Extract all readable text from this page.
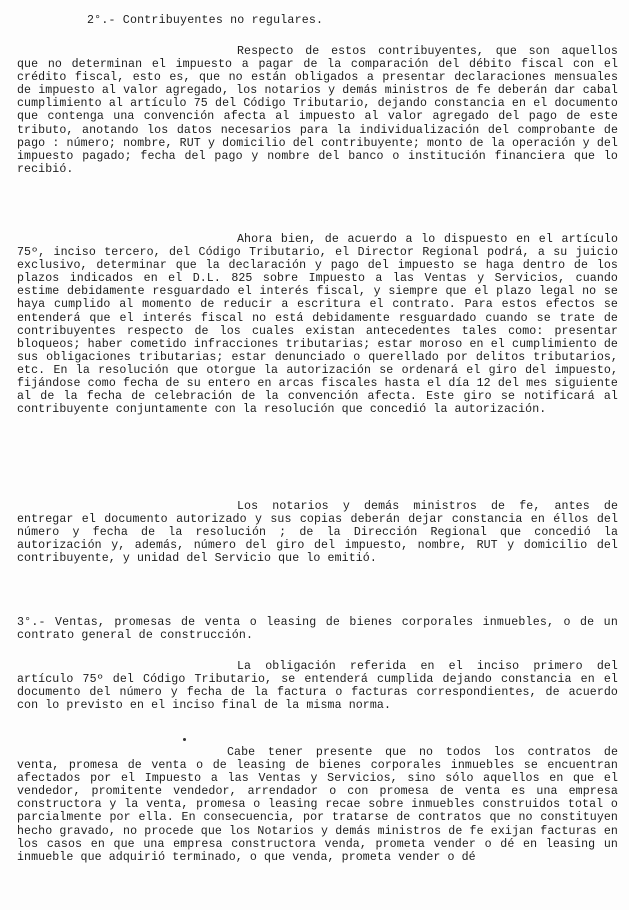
2°.- Contribuyentes no regulares.
Respecto de estos contribuyentes, que son aquellos que no determinan el impuesto a pagar de la comparación del débito fiscal con el crédito fiscal, esto es, que no están obligados a presentar declaraciones mensuales de impuesto al valor agregado, los notarios y demás ministros de fe deberán dar cabal cumplimiento al artículo 75 del Código Tributario, dejando constancia en el documento que contenga una convención afecta al impuesto al valor agregado del pago de este tributo, anotando los datos necesarios para la individualización del comprobante de pago : número; nombre, RUT y domicilio del contribuyente; monto de la operación y del impuesto pagado; fecha del pago y nombre del banco o institución financiera que lo recibió.
Ahora bien, de acuerdo a lo dispuesto en el artículo 75º, inciso tercero, del Código Tributario, el Director Regional podrá, a su juicio exclusivo, determinar que la declaración y pago del impuesto se haga dentro de los plazos indicados en el D.L. 825 sobre Impuesto a las Ventas y Servicios, cuando estime debidamente resguardado el interés fiscal, y siempre que el plazo legal no se haya cumplido al momento de reducir a escritura el contrato. Para estos efectos se entenderá que el interés fiscal no está debidamente resguardado cuando se trate de contribuyentes respecto de los cuales existan antecedentes tales como: presentar bloqueos; haber cometido infracciones tributarias; estar moroso en el cumplimiento de sus obligaciones tributarias; estar denunciado o querellado por delitos tributarios, etc. En la resolución que otorgue la autorización se ordenará el giro del impuesto, fijándose como fecha de su entero en arcas fiscales hasta el día 12 del mes siguiente al de la fecha de celebración de la convención afecta. Este giro se notificará al contribuyente conjuntamente con la resolución que concedió la autorización.
Los notarios y demás ministros de fe, antes de entregar el documento autorizado y sus copias deberán dejar constancia en éllos del número y fecha de la resolución ; de la Dirección Regional que concedió la autorización y, además, número del giro del impuesto, nombre, RUT y domicilio del contribuyente, y unidad del Servicio que lo emitió.
3°.- Ventas, promesas de venta o leasing de bienes corporales inmuebles, o de un contrato general de construcción.
La obligación referida en el inciso primero del artículo 75º del Código Tributario, se entenderá cumplida dejando constancia en el documento del número y fecha de la factura o facturas correspondientes, de acuerdo con lo previsto en el inciso final de la misma norma.
Cabe tener presente que no todos los contratos de venta, promesa de venta o de leasing de bienes corporales inmuebles se encuentran afectados por el Impuesto a las Ventas y Servicios, sino sólo aquellos en que el vendedor, promitente vendedor, arrendador o con promesa de venta es una empresa constructora y la venta, promesa o leasing recae sobre inmuebles construidos total o parcialmente por ella. En consecuencia, por tratarse de contratos que no constituyen hecho gravado, no procede que los Notarios y demás ministros de fe exijan facturas en los casos en que una empresa constructora venda, prometa vender o dé en leasing un inmueble que adquirió terminado, o que venda, prometa vender o dé
